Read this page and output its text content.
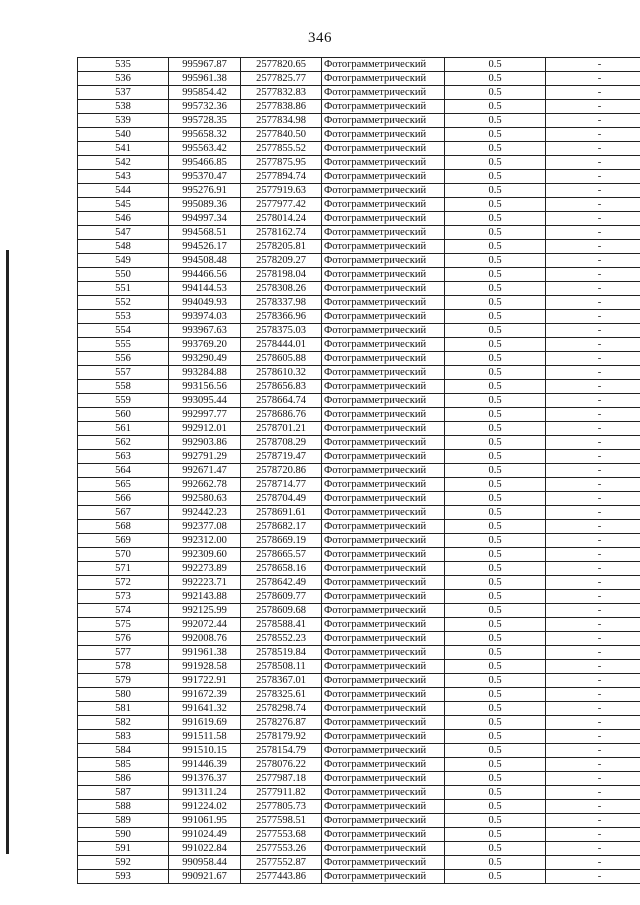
346
535	995967.87	2577820.65	Фотограмметрический	0.5	-
536	995961.38	2577825.77	Фотограмметрический	0.5	-
537	995854.42	2577832.83	Фотограмметрический	0.5	-
538	995732.36	2577838.86	Фотограмметрический	0.5	-
539	995728.35	2577834.98	Фотограмметрический	0.5	-
540	995658.32	2577840.50	Фотограмметрический	0.5	-
541	995563.42	2577855.52	Фотограмметрический	0.5	-
542	995466.85	2577875.95	Фотограмметрический	0.5	-
543	995370.47	2577894.74	Фотограмметрический	0.5	-
544	995276.91	2577919.63	Фотограмметрический	0.5	-
545	995089.36	2577977.42	Фотограмметрический	0.5	-
546	994997.34	2578014.24	Фотограмметрический	0.5	-
547	994568.51	2578162.74	Фотограмметрический	0.5	-
548	994526.17	2578205.81	Фотограмметрический	0.5	-
549	994508.48	2578209.27	Фотограмметрический	0.5	-
550	994466.56	2578198.04	Фотограмметрический	0.5	-
551	994144.53	2578308.26	Фотограмметрический	0.5	-
552	994049.93	2578337.98	Фотограмметрический	0.5	-
553	993974.03	2578366.96	Фотограмметрический	0.5	-
554	993967.63	2578375.03	Фотограмметрический	0.5	-
555	993769.20	2578444.01	Фотограмметрический	0.5	-
556	993290.49	2578605.88	Фотограмметрический	0.5	-
557	993284.88	2578610.32	Фотограмметрический	0.5	-
558	993156.56	2578656.83	Фотограмметрический	0.5	-
559	993095.44	2578664.74	Фотограмметрический	0.5	-
560	992997.77	2578686.76	Фотограмметрический	0.5	-
561	992912.01	2578701.21	Фотограмметрический	0.5	-
562	992903.86	2578708.29	Фотограмметрический	0.5	-
563	992791.29	2578719.47	Фотограмметрический	0.5	-
564	992671.47	2578720.86	Фотограмметрический	0.5	-
565	992662.78	2578714.77	Фотограмметрический	0.5	-
566	992580.63	2578704.49	Фотограмметрический	0.5	-
567	992442.23	2578691.61	Фотограмметрический	0.5	-
568	992377.08	2578682.17	Фотограмметрический	0.5	-
569	992312.00	2578669.19	Фотограмметрический	0.5	-
570	992309.60	2578665.57	Фотограмметрический	0.5	-
571	992273.89	2578658.16	Фотограмметрический	0.5	-
572	992223.71	2578642.49	Фотограмметрический	0.5	-
573	992143.88	2578609.77	Фотограмметрический	0.5	-
574	992125.99	2578609.68	Фотограмметрический	0.5	-
575	992072.44	2578588.41	Фотограмметрический	0.5	-
576	992008.76	2578552.23	Фотограмметрический	0.5	-
577	991961.38	2578519.84	Фотограмметрический	0.5	-
578	991928.58	2578508.11	Фотограмметрический	0.5	-
579	991722.91	2578367.01	Фотограмметрический	0.5	-
580	991672.39	2578325.61	Фотограмметрический	0.5	-
581	991641.32	2578298.74	Фотограмметрический	0.5	-
582	991619.69	2578276.87	Фотограмметрический	0.5	-
583	991511.58	2578179.92	Фотограмметрический	0.5	-
584	991510.15	2578154.79	Фотограмметрический	0.5	-
585	991446.39	2578076.22	Фотограмметрический	0.5	-
586	991376.37	2577987.18	Фотограмметрический	0.5	-
587	991311.24	2577911.82	Фотограмметрический	0.5	-
588	991224.02	2577805.73	Фотограмметрический	0.5	-
589	991061.95	2577598.51	Фотограмметрический	0.5	-
590	991024.49	2577553.68	Фотограмметрический	0.5	-
591	991022.84	2577553.26	Фотограмметрический	0.5	-
592	990958.44	2577552.87	Фотограмметрический	0.5	-
593	990921.67	2577443.86	Фотограмметрический	0.5	-
